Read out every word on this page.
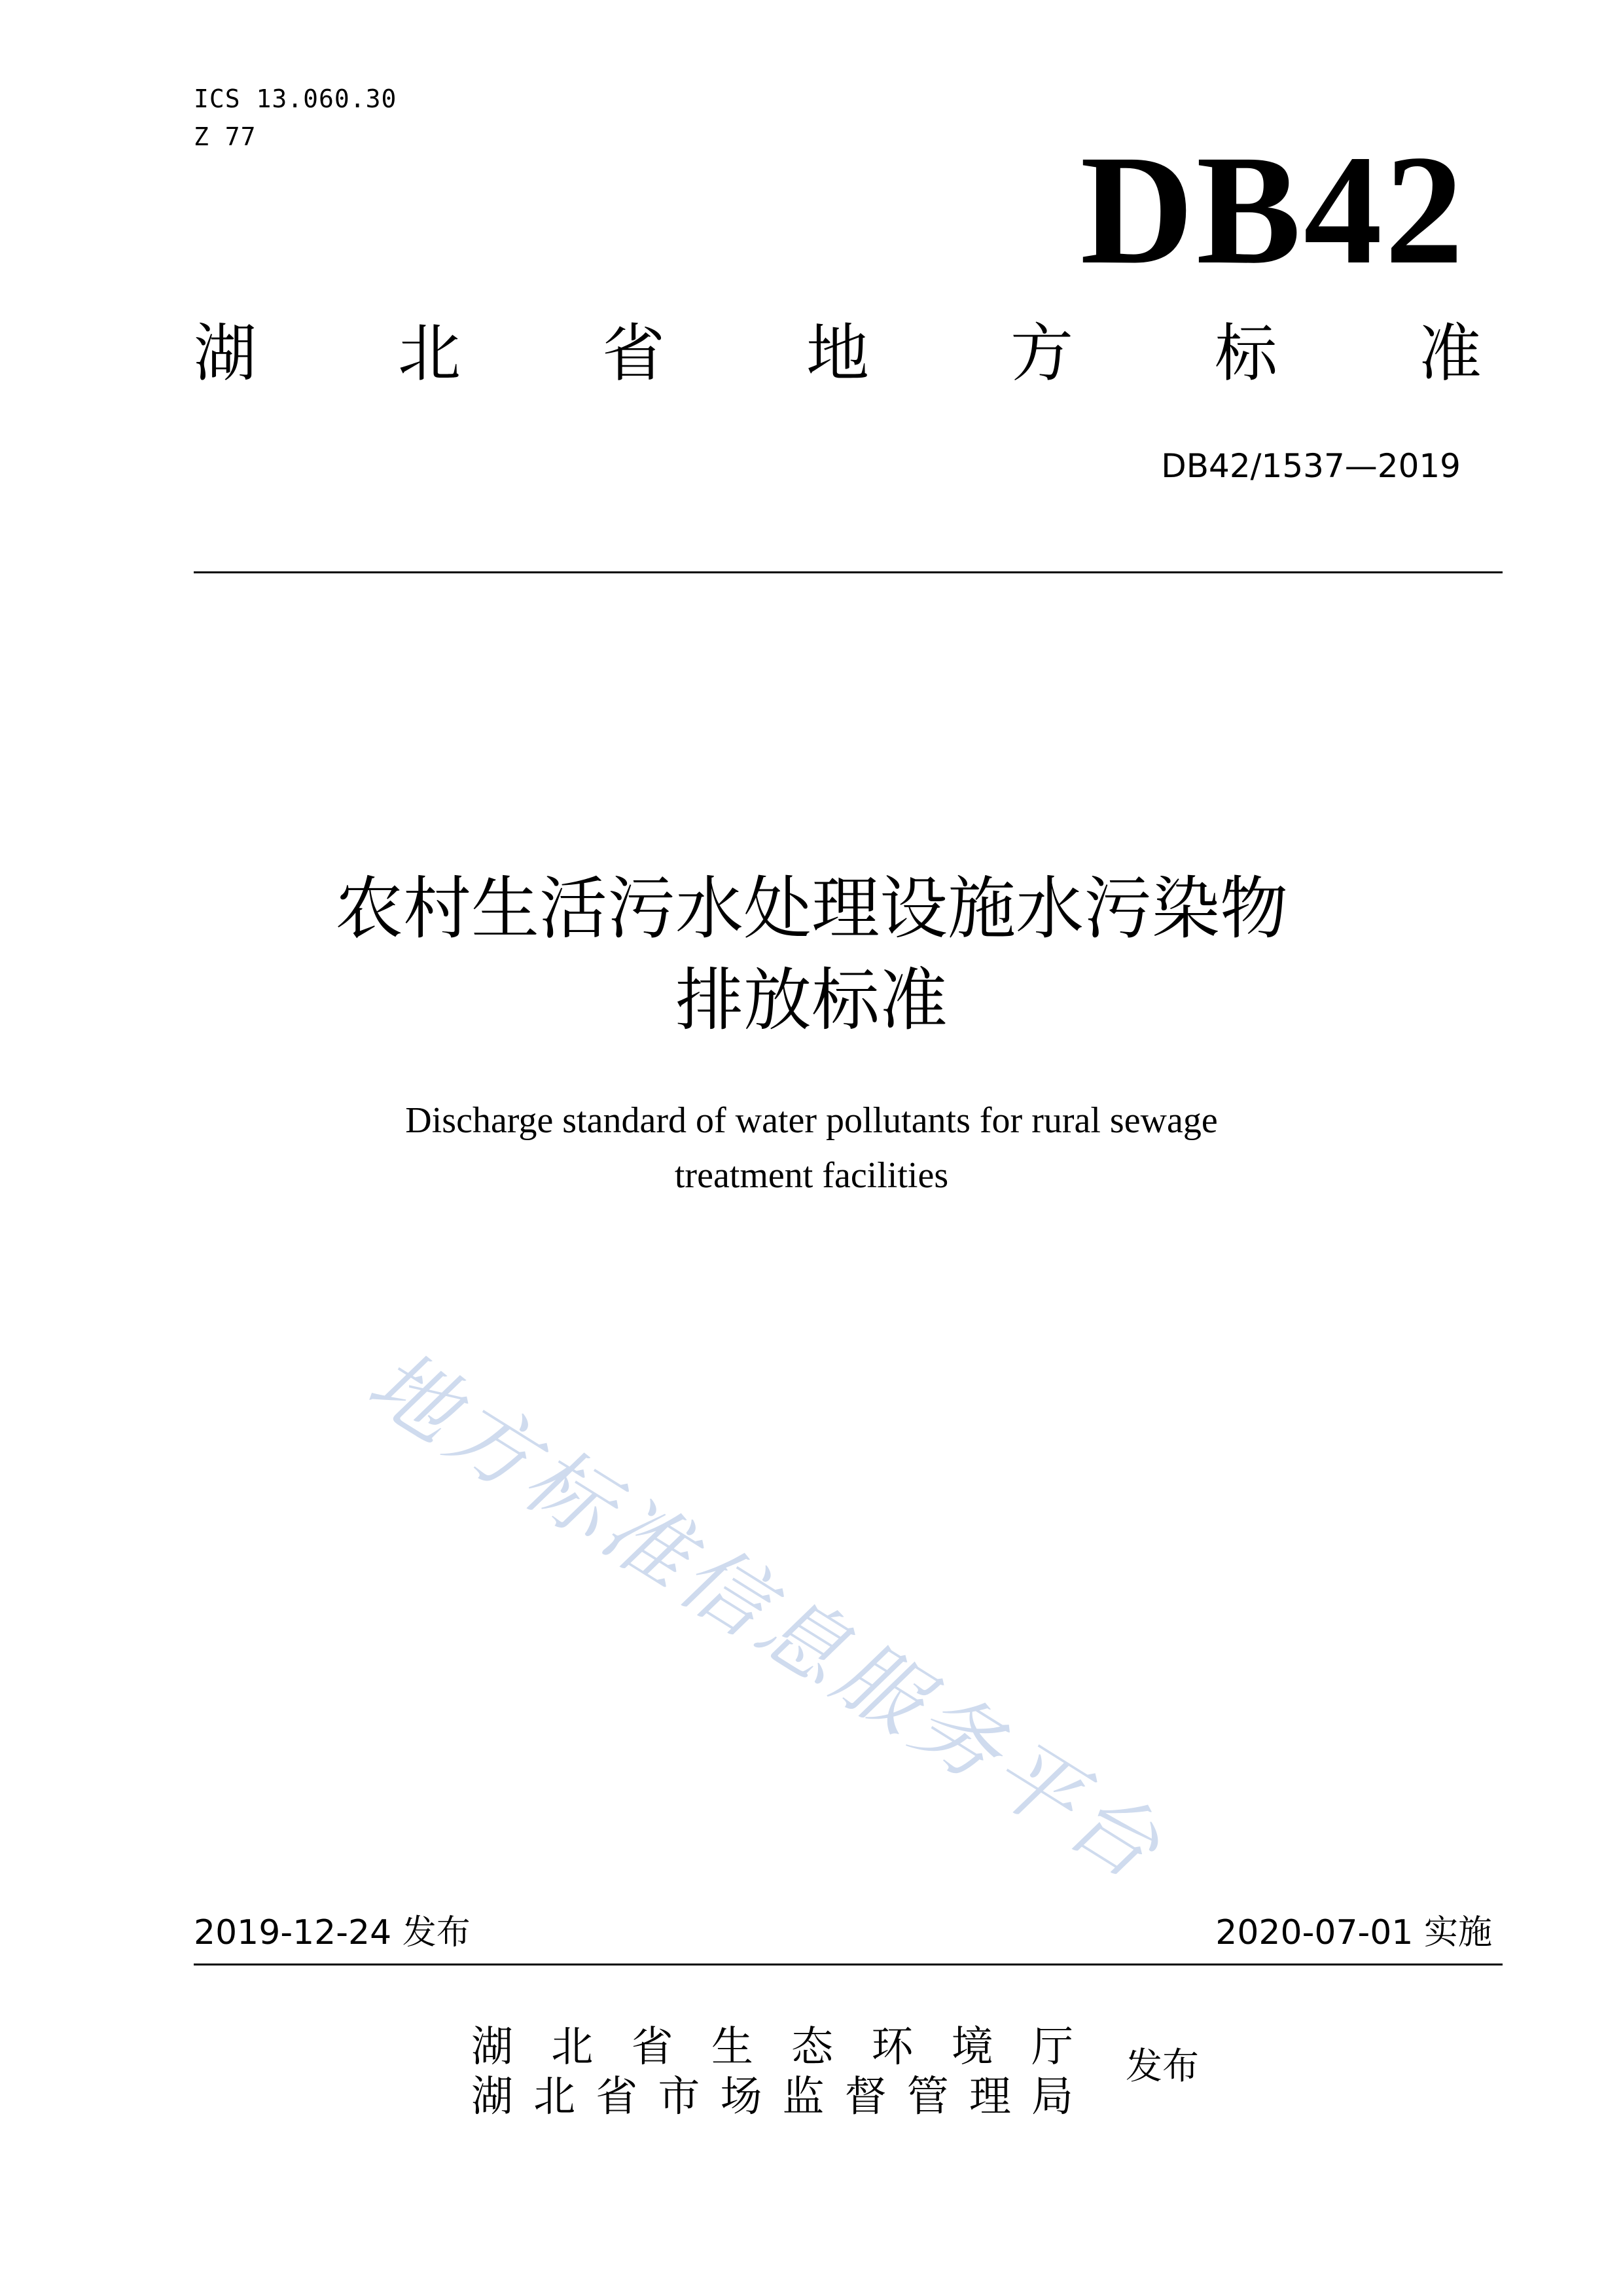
ICS 13.060.30
Z 77	DB42
湖 北 省 地 方 标 准
DB42/1537—2019
农村生活污水处理设施水污染物
排放标准
Discharge standard of water pollutants for rural sewage
treatment facilities
地方标准信息服务平台
2019-12-24 发布	2020-07-01 实施
湖 北 省 生 态 环 境 厅
湖 北 省 市 场 监 督 管 理 局
发布
